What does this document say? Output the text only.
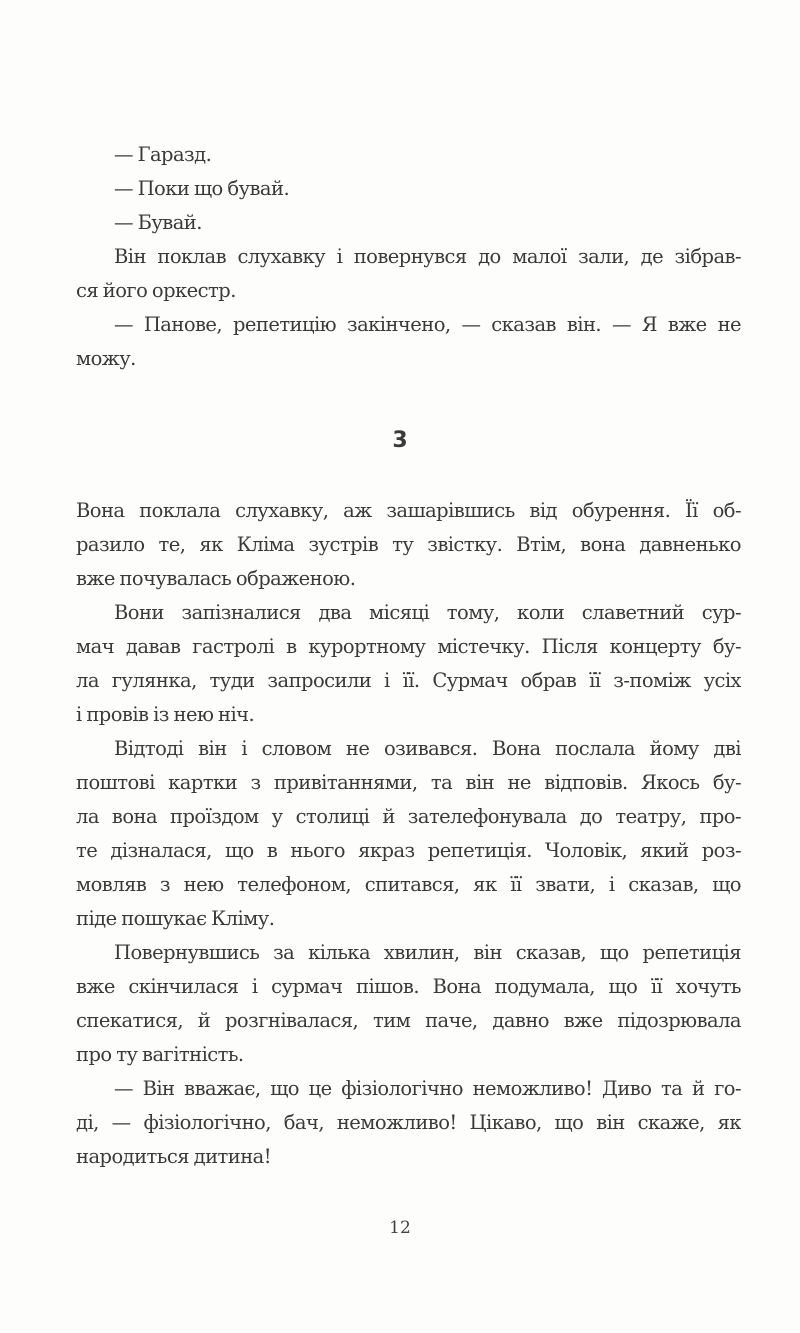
— Гаразд.
— Поки що бувай.
— Бувай.
Він поклав слухавку і повернувся до малої зали, де зібрав-
ся його оркестр.
— Панове, репетицію закінчено, — сказав він. — Я вже не
можу.
3
Вона поклала слухавку, аж зашарівшись від обурення. Її об-
разило те, як Кліма зустрів ту звістку. Втім, вона давненько
вже почувалась ображеною.
Вони запізналися два місяці тому, коли славетний сур-
мач давав гастролі в курортному містечку. Після концерту бу-
ла гулянка, туди запросили і її. Сурмач обрав її з-поміж усіх
і провів із нею ніч.
Відтоді він і словом не озивався. Вона послала йому дві
поштові картки з привітаннями, та він не відповів. Якось бу-
ла вона проїздом у столиці й зателефонувала до театру, про-
те дізналася, що в нього якраз репетиція. Чоловік, який роз-
мовляв з нею телефоном, спитався, як її звати, і сказав, що
піде пошукає Кліму.
Повернувшись за кілька хвилин, він сказав, що репетиція
вже скінчилася і сурмач пішов. Вона подумала, що її хочуть
спекатися, й розгнівалася, тим паче, давно вже підозрювала
про ту вагітність.
— Він вважає, що це фізіологічно неможливо! Диво та й го-
ді, — фізіологічно, бач, неможливо! Цікаво, що він скаже, як
народиться дитина!
12
